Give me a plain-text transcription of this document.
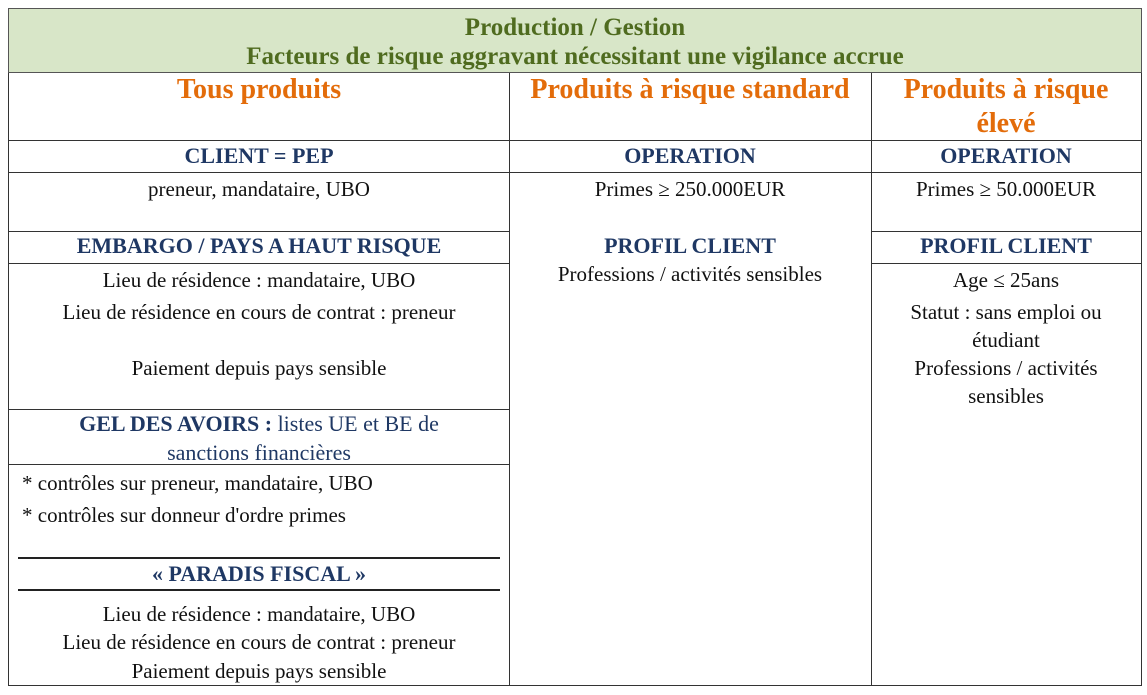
Production / Gestion
Facteurs de risque aggravant nécessitant une vigilance accrue
Tous produits	Produits à risque standard	Produits à risque
élevé
CLIENT = PEP
preneur, mandataire, UBO
EMBARGO / PAYS A HAUT RISQUE
Lieu de résidence : mandataire, UBO
Lieu de résidence en cours de contrat : preneur
Paiement depuis pays sensible
GEL DES AVOIRS : listes UE et BE de
sanctions financières
* contrôles sur preneur, mandataire, UBO
* contrôles sur donneur d'ordre primes
« PARADIS FISCAL »
Lieu de résidence : mandataire, UBO
Lieu de résidence en cours de contrat : preneur
Paiement depuis pays sensible
OPERATION
Primes ≥ 250.000EUR
PROFIL CLIENT
Professions / activités sensibles
OPERATION
Primes ≥ 50.000EUR
PROFIL CLIENT
Age ≤ 25ans
Statut : sans emploi ou
étudiant
Professions / activités
sensibles
